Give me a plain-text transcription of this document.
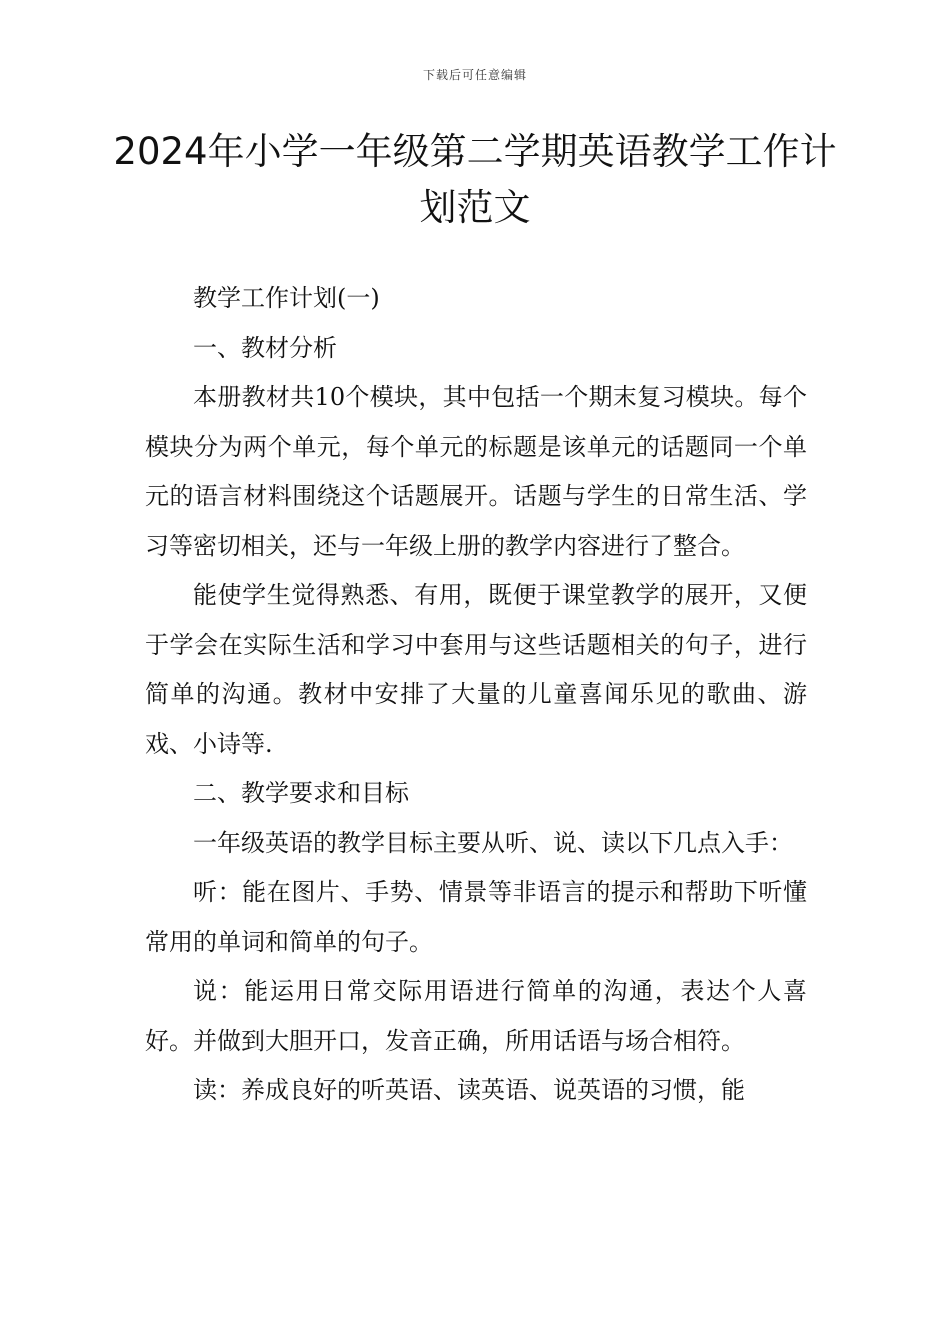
下载后可任意编辑
2024年小学一年级第二学期英语教学工作计划范文

教学工作计划(一)

一、教材分析

本册教材共10个模块，其中包括一个期末复习模块。每个模块分为两个单元，每个单元的标题是该单元的话题同一个单元的语言材料围绕这个话题展开。话题与学生的日常生活、学习等密切相关，还与一年级上册的教学内容进行了整合。

能使学生觉得熟悉、有用，既便于课堂教学的展开，又便于学会在实际生活和学习中套用与这些话题相关的句子，进行简单的沟通。教材中安排了大量的儿童喜闻乐见的歌曲、游戏、小诗等.

二、教学要求和目标

一年级英语的教学目标主要从听、说、读以下几点入手：

听：能在图片、手势、情景等非语言的提示和帮助下听懂常用的单词和简单的句子。

说：能运用日常交际用语进行简单的沟通，表达个人喜好。并做到大胆开口，发音正确，所用话语与场合相符。

读：养成良好的听英语、读英语、说英语的习惯，能
